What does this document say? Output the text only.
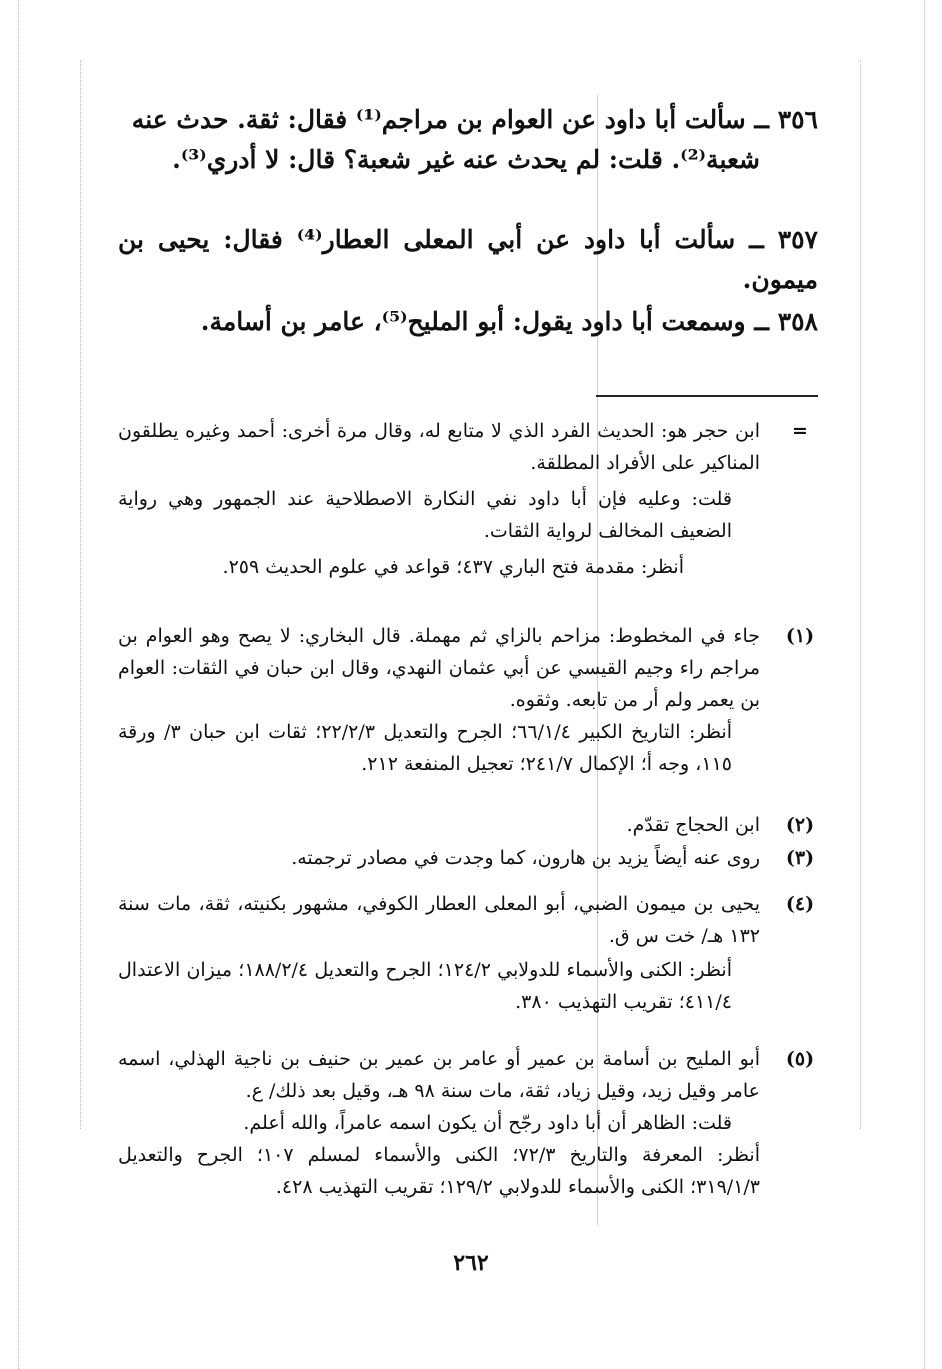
٣٥٦ ــ سألت أبا داود عن العوام بن مراجم⁽¹⁾ فقال: ثقة. حدث عنه
شعبة⁽²⁾. قلت: لم يحدث عنه غير شعبة؟ قال: لا أدري⁽³⁾.
٣٥٧ ــ سألت أبا داود عن أبي المعلى العطار⁽⁴⁾ فقال: يحيى بن ميمون.
٣٥٨ ــ وسمعت أبا داود يقول: أبو المليح⁽⁵⁾، عامر بن أسامة.
=

ابن حجر هو: الحديث الفرد الذي لا متابع له، وقال مرة أخرى: أحمد وغيره يطلقون المناكير على الأفراد المطلقة.

قلت: وعليه فإن أبا داود نفي النكارة الاصطلاحية عند الجمهور وهي رواية الضعيف المخالف لرواية الثقات.

أنظر: مقدمة فتح الباري ٤٣٧؛ قواعد في علوم الحديث ٢٥٩.

(١)

جاء في المخطوط: مزاحم بالزاي ثم مهملة. قال البخاري: لا يصح وهو العوام بن مراجم راء وجيم القيسي عن أبي عثمان النهدي، وقال ابن حبان في الثقات: العوام بن يعمر ولم أر من تابعه. وثقوه.

أنظر: التاريخ الكبير ٦٦/١/٤؛ الجرح والتعديل ٢٢/٢/٣؛ ثقات ابن حبان ٣/ ورقة ١١٥، وجه أ؛ الإكمال ٢٤١/٧؛ تعجيل المنفعة ٢١٢.

(٢)

ابن الحجاج تقدّم.

(٣)

روى عنه أيضاً يزيد بن هارون، كما وجدت في مصادر ترجمته.

(٤)

يحيى بن ميمون الضبي، أبو المعلى العطار الكوفي، مشهور بكنيته، ثقة، مات سنة ١٣٢ هـ/ خت س ق.

أنظر: الكنى والأسماء للدولابي ١٢٤/٢؛ الجرح والتعديل ١٨٨/٢/٤؛ ميزان الاعتدال ٤١١/٤؛ تقريب التهذيب ٣٨٠.

(٥)

أبو المليح بن أسامة بن عمير أو عامر بن عمير بن حنيف بن ناجية الهذلي، اسمه عامر وقيل زيد، وقيل زياد، ثقة، مات سنة ٩٨ هـ، وقيل بعد ذلك/ ع.

قلت: الظاهر أن أبا داود رجّح أن يكون اسمه عامراً، والله أعلم.

أنظر: المعرفة والتاريخ ٧٢/٣؛ الكنى والأسماء لمسلم ١٠٧؛ الجرح والتعديل ٣١٩/١/٣؛ الكنى والأسماء للدولابي ١٢٩/٢؛ تقريب التهذيب ٤٢٨.

٢٦٢
